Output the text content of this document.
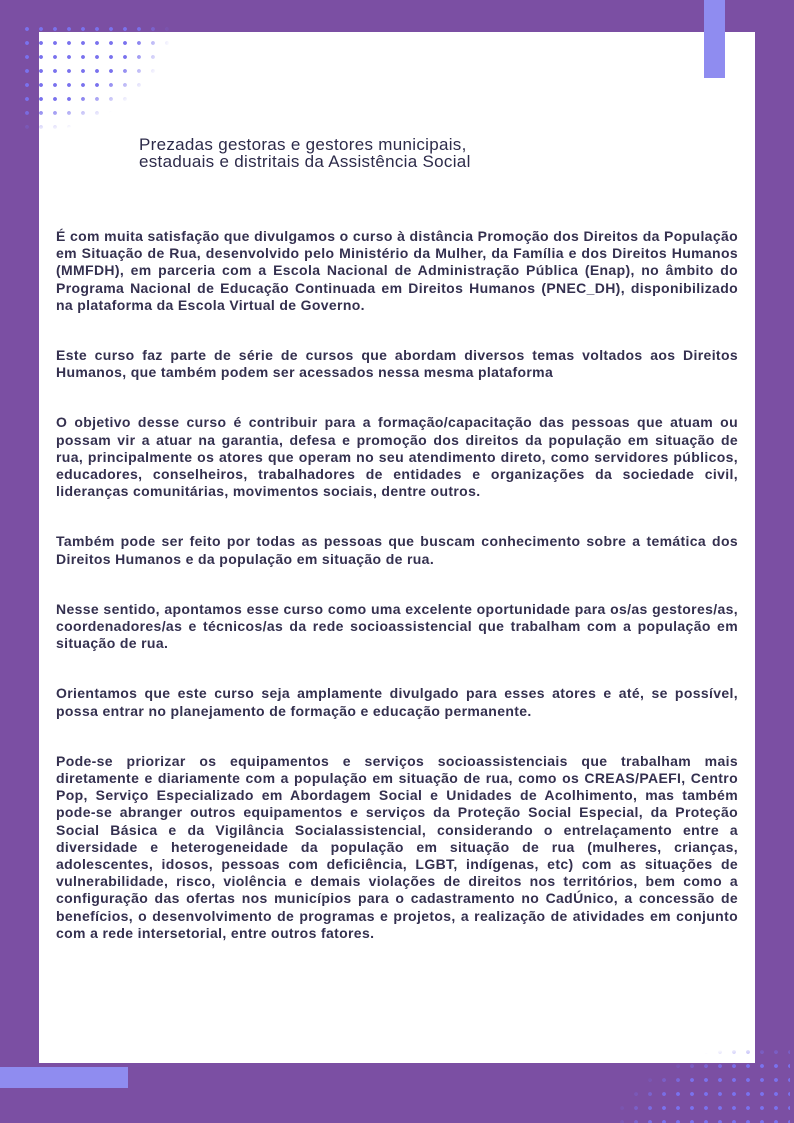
Prezadas gestoras e gestores municipais,
estaduais e distritais da Assistência Social

É com muita satisfação que divulgamos o curso à distância Promoção dos Direitos da População em Situação de Rua, desenvolvido pelo Ministério da Mulher, da Família e dos Direitos Humanos (MMFDH), em parceria com a Escola Nacional de Administração Pública (Enap), no âmbito do Programa Nacional de Educação Continuada em Direitos Humanos (PNEC_DH), disponibilizado na plataforma da Escola Virtual de Governo.

Este curso faz parte de série de cursos que abordam diversos temas voltados aos Direitos Humanos, que também podem ser acessados nessa mesma plataforma

O objetivo desse curso é contribuir para a formação/capacitação das pessoas que atuam ou possam vir a atuar na garantia, defesa e promoção dos direitos da população em situação de rua, principalmente os atores que operam no seu atendimento direto, como servidores públicos, educadores, conselheiros, trabalhadores de entidades e organizações da sociedade civil, lideranças comunitárias, movimentos sociais, dentre outros.

Também pode ser feito por todas as pessoas que buscam conhecimento sobre a temática dos Direitos Humanos e da população em situação de rua.

Nesse sentido, apontamos esse curso como uma excelente oportunidade para os/as gestores/as, coordenadores/as e técnicos/as da rede socioassistencial que trabalham com a população em situação de rua.

Orientamos que este curso seja amplamente divulgado para esses atores e até, se possível, possa entrar no planejamento de formação e educação permanente.

Pode-se priorizar os equipamentos e serviços socioassistenciais que trabalham mais diretamente e diariamente com a população em situação de rua, como os CREAS/PAEFI, Centro Pop, Serviço Especializado em Abordagem Social e Unidades de Acolhimento, mas também pode-se abranger outros equipamentos e serviços da Proteção Social Especial, da Proteção Social Básica e da Vigilância Socialassistencial, considerando o entrelaçamento entre a diversidade e heterogeneidade da população em situação de rua (mulheres, crianças, adolescentes, idosos, pessoas com deficiência, LGBT, indígenas, etc) com as situações de vulnerabilidade, risco, violência e demais violações de direitos nos territórios, bem como a configuração das ofertas nos municípios para o cadastramento no CadÚnico, a concessão de benefícios, o desenvolvimento de programas e projetos, a realização de atividades em conjunto com a rede intersetorial, entre outros fatores.
